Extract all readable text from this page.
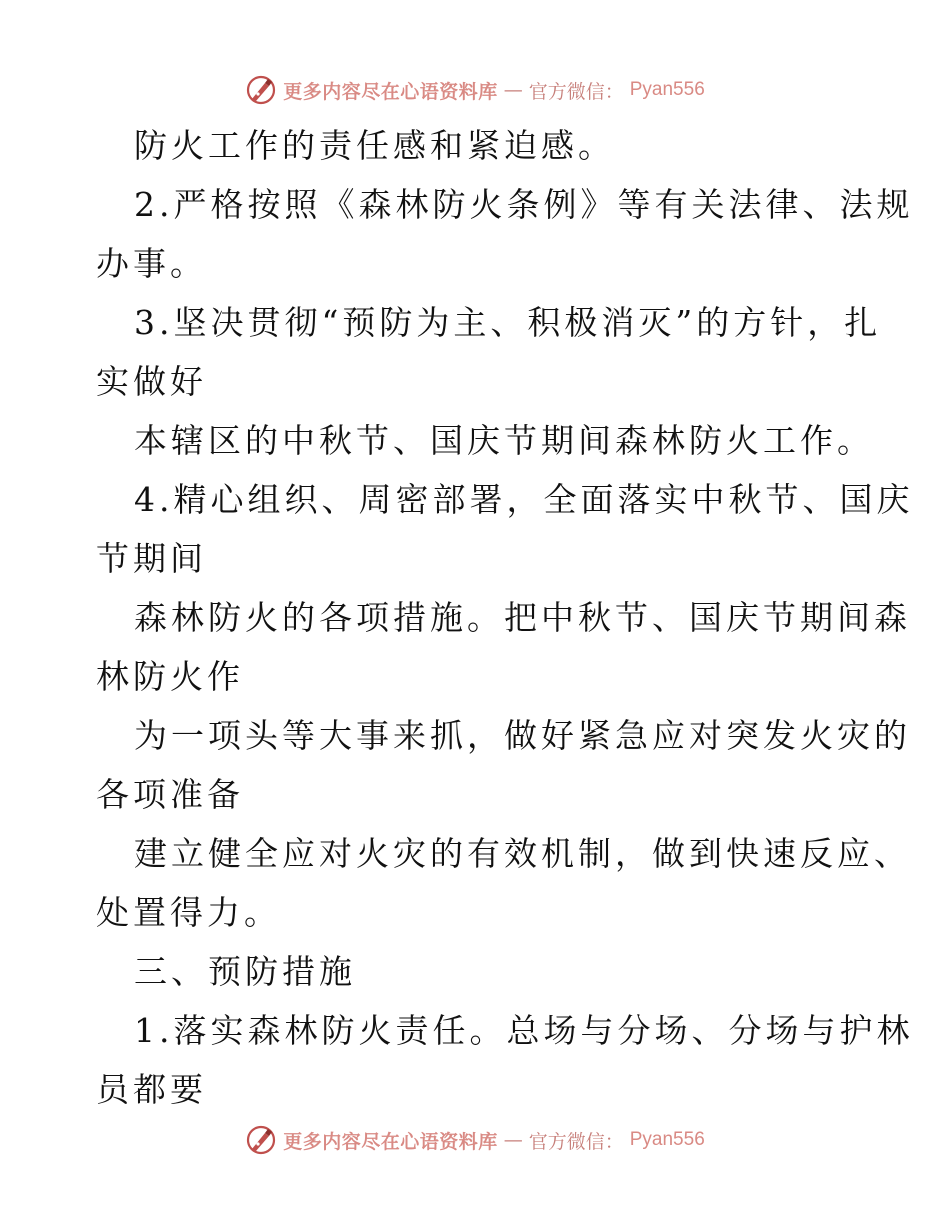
更多内容尽在心语资料库 — 官方微信： Pyan556
防火工作的责任感和紧迫感。
2.严格按照《森林防火条例》等有关法律、法规
办事。
3.坚决贯彻“预防为主、积极消灭”的方针，扎
实做好
本辖区的中秋节、国庆节期间森林防火工作。
4.精心组织、周密部署，全面落实中秋节、国庆
节期间
森林防火的各项措施。把中秋节、国庆节期间森
林防火作
为一项头等大事来抓，做好紧急应对突发火灾的
各项准备
建立健全应对火灾的有效机制，做到快速反应、
处置得力。
三、预防措施
1.落实森林防火责任。总场与分场、分场与护林
员都要
更多内容尽在心语资料库 — 官方微信： Pyan556
